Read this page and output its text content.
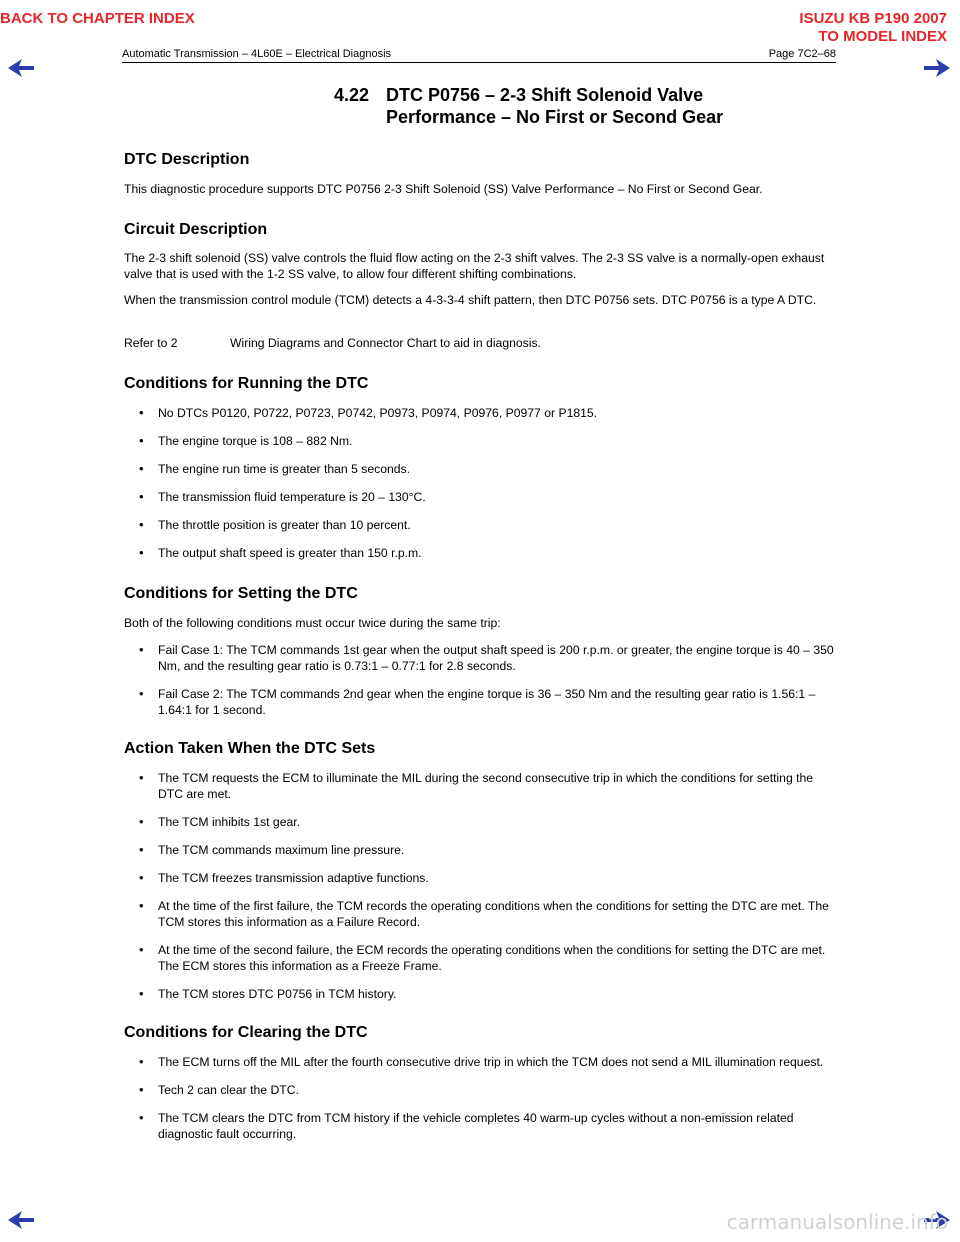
BACK TO CHAPTER INDEX	ISUZU KB P190 2007
TO MODEL INDEX
Automatic Transmission – 4L60E – Electrical Diagnosis	Page 7C2–68
4.22 DTC P0756 – 2-3 Shift Solenoid Valve
Performance – No First or Second Gear
DTC Description

This diagnostic procedure supports DTC P0756 2-3 Shift Solenoid (SS) Valve Performance – No First or Second Gear.

Circuit Description

The 2-3 shift solenoid (SS) valve controls the fluid flow acting on the 2-3 shift valves. The 2-3 SS valve is a normally-open exhaust valve that is used with the 1-2 SS valve, to allow four different shifting combinations.

When the transmission control module (TCM) detects a 4-3-3-4 shift pattern, then DTC P0756 sets. DTC P0756 is a type A DTC.

Refer to 2	Wiring Diagrams and Connector Chart to aid in diagnosis.

Conditions for Running the DTC
• No DTCs P0120, P0722, P0723, P0742, P0973, P0974, P0976, P0977 or P1815.
• The engine torque is 108 – 882 Nm.
• The engine run time is greater than 5 seconds.
• The transmission fluid temperature is 20 – 130°C.
• The throttle position is greater than 10 percent.
• The output shaft speed is greater than 150 r.p.m.
Conditions for Setting the DTC

Both of the following conditions must occur twice during the same trip:

• Fail Case 1: The TCM commands 1st gear when the output shaft speed is 200 r.p.m. or greater, the engine torque is 40 – 350 Nm, and the resulting gear ratio is 0.73:1 – 0.77:1 for 2.8 seconds.
• Fail Case 2: The TCM commands 2nd gear when the engine torque is 36 – 350 Nm and the resulting gear ratio is 1.56:1 – 1.64:1 for 1 second.
Action Taken When the DTC Sets
• The TCM requests the ECM to illuminate the MIL during the second consecutive trip in which the conditions for setting the DTC are met.
• The TCM inhibits 1st gear.
• The TCM commands maximum line pressure.
• The TCM freezes transmission adaptive functions.
• At the time of the first failure, the TCM records the operating conditions when the conditions for setting the DTC are met. The TCM stores this information as a Failure Record.
• At the time of the second failure, the ECM records the operating conditions when the conditions for setting the DTC are met. The ECM stores this information as a Freeze Frame.
• The TCM stores DTC P0756 in TCM history.
Conditions for Clearing the DTC
• The ECM turns off the MIL after the fourth consecutive drive trip in which the TCM does not send a MIL illumination request.
• Tech 2 can clear the DTC.
• The TCM clears the DTC from TCM history if the vehicle completes 40 warm-up cycles without a non-emission related diagnostic fault occurring.
carmanualsonline.info
